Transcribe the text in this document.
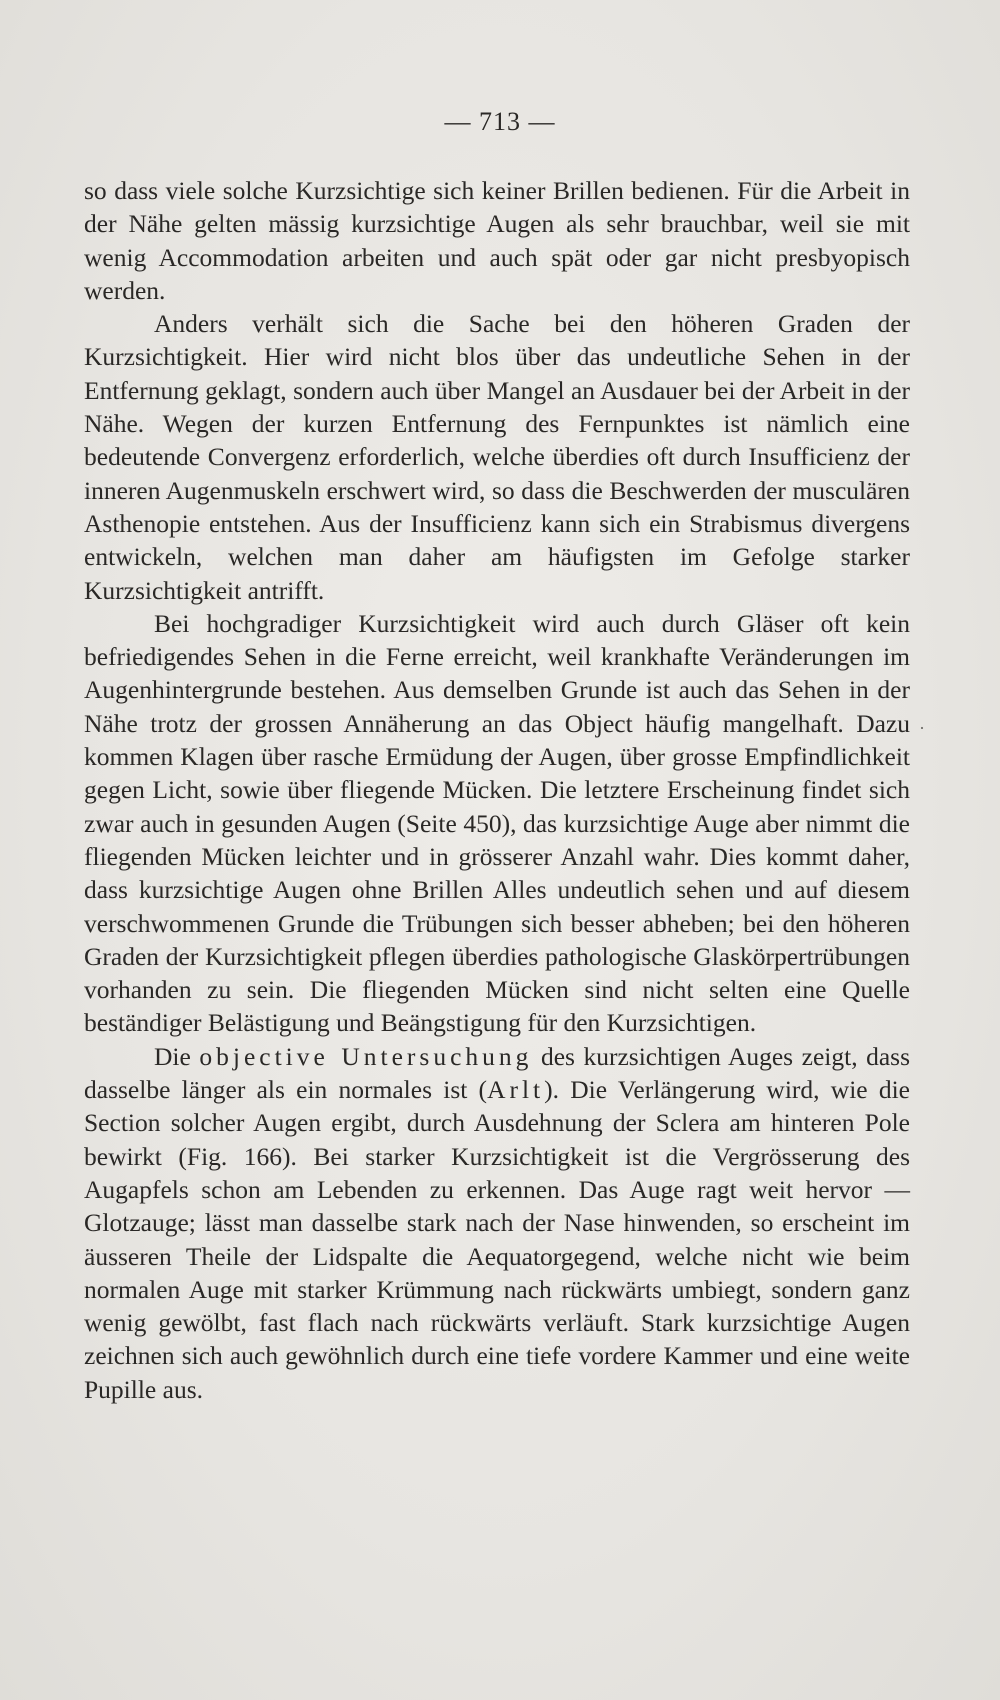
— 713 —

so dass viele solche Kurzsichtige sich keiner Brillen bedienen. Für die Arbeit in der Nähe gelten mässig kurzsichtige Augen als sehr brauchbar, weil sie mit wenig Accommodation arbeiten und auch spät oder gar nicht presbyopisch werden.

Anders verhält sich die Sache bei den höheren Graden der Kurzsichtigkeit. Hier wird nicht blos über das undeutliche Sehen in der Entfernung geklagt, sondern auch über Mangel an Ausdauer bei der Arbeit in der Nähe. Wegen der kurzen Entfernung des Fernpunktes ist nämlich eine bedeutende Convergenz erforderlich, welche überdies oft durch Insufficienz der inneren Augenmuskeln erschwert wird, so dass die Beschwerden der musculären Asthenopie entstehen. Aus der Insufficienz kann sich ein Strabismus divergens entwickeln, welchen man daher am häufigsten im Gefolge starker Kurzsichtigkeit antrifft.

Bei hochgradiger Kurzsichtigkeit wird auch durch Gläser oft kein befriedigendes Sehen in die Ferne erreicht, weil krankhafte Veränderungen im Augenhintergrunde bestehen. Aus demselben Grunde ist auch das Sehen in der Nähe trotz der grossen Annäherung an das Object häufig mangelhaft. Dazu kommen Klagen über rasche Ermüdung der Augen, über grosse Empfindlichkeit gegen Licht, sowie über fliegende Mücken. Die letztere Erscheinung findet sich zwar auch in gesunden Augen (Seite 450), das kurzsichtige Auge aber nimmt die fliegenden Mücken leichter und in grösserer Anzahl wahr. Dies kommt daher, dass kurzsichtige Augen ohne Brillen Alles undeutlich sehen und auf diesem verschwommenen Grunde die Trübungen sich besser abheben; bei den höheren Graden der Kurzsichtigkeit pflegen überdies pathologische Glaskörpertrübungen vorhanden zu sein. Die fliegenden Mücken sind nicht selten eine Quelle beständiger Belästigung und Beängstigung für den Kurzsichtigen.

Die objective Untersuchung des kurzsichtigen Auges zeigt, dass dasselbe länger als ein normales ist (Arlt). Die Verlängerung wird, wie die Section solcher Augen ergibt, durch Ausdehnung der Sclera am hinteren Pole bewirkt (Fig. 166). Bei starker Kurzsichtigkeit ist die Vergrösserung des Augapfels schon am Lebenden zu erkennen. Das Auge ragt weit hervor — Glotzauge; lässt man dasselbe stark nach der Nase hinwenden, so erscheint im äusseren Theile der Lidspalte die Aequatorgegend, welche nicht wie beim normalen Auge mit starker Krümmung nach rückwärts umbiegt, sondern ganz wenig gewölbt, fast flach nach rückwärts verläuft. Stark kurzsichtige Augen zeichnen sich auch gewöhnlich durch eine tiefe vordere Kammer und eine weite Pupille aus.

·
